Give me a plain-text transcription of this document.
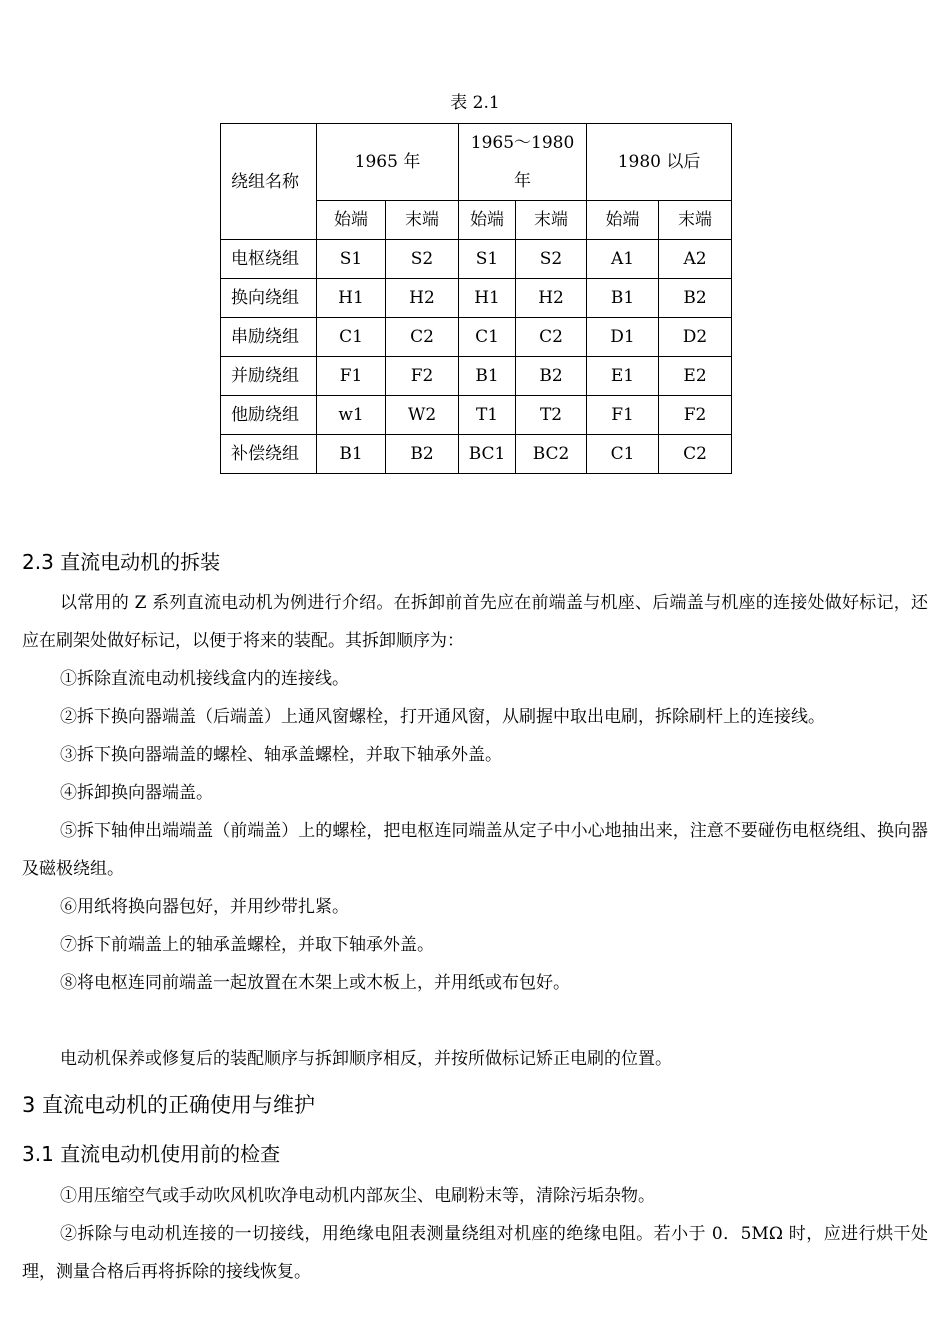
表 2.1
绕组名称	1965 年		1965～1980 年		1980 以后	
	始端	末端	始端	末端	始端	末端
电枢绕组	S1	S2	S1	S2	A1	A2
换向绕组	H1	H2	H1	H2	B1	B2
串励绕组	C1	C2	C1	C2	D1	D2
并励绕组	F1	F2	B1	B2	E1	E2
他励绕组	w1	W2	T1	T2	F1	F2
补偿绕组	B1	B2	BC1	BC2	C1	C2
2.3 直流电动机的拆装
以常用的 Z 系列直流电动机为例进行介绍。在拆卸前首先应在前端盖与机座、后端盖与机座的连接处做好标记，还应在刷架处做好标记，以便于将来的装配。其拆卸顺序为：
①拆除直流电动机接线盒内的连接线。
②拆下换向器端盖（后端盖）上通风窗螺栓，打开通风窗，从刷握中取出电刷，拆除刷杆上的连接线。
③拆下换向器端盖的螺栓、轴承盖螺栓，并取下轴承外盖。
④拆卸换向器端盖。
⑤拆下轴伸出端端盖（前端盖）上的螺栓，把电枢连同端盖从定子中小心地抽出来，注意不要碰伤电枢绕组、换向器及磁极绕组。
⑥用纸将换向器包好，并用纱带扎紧。
⑦拆下前端盖上的轴承盖螺栓，并取下轴承外盖。
⑧将电枢连同前端盖一起放置在木架上或木板上，并用纸或布包好。
电动机保养或修复后的装配顺序与拆卸顺序相反，并按所做标记矫正电刷的位置。
3 直流电动机的正确使用与维护
3.1 直流电动机使用前的检查
①用压缩空气或手动吹风机吹净电动机内部灰尘、电刷粉末等，清除污垢杂物。
②拆除与电动机连接的一切接线，用绝缘电阻表测量绕组对机座的绝缘电阻。若小于 0．5MΩ 时，应进行烘干处理，测量合格后再将拆除的接线恢复。
